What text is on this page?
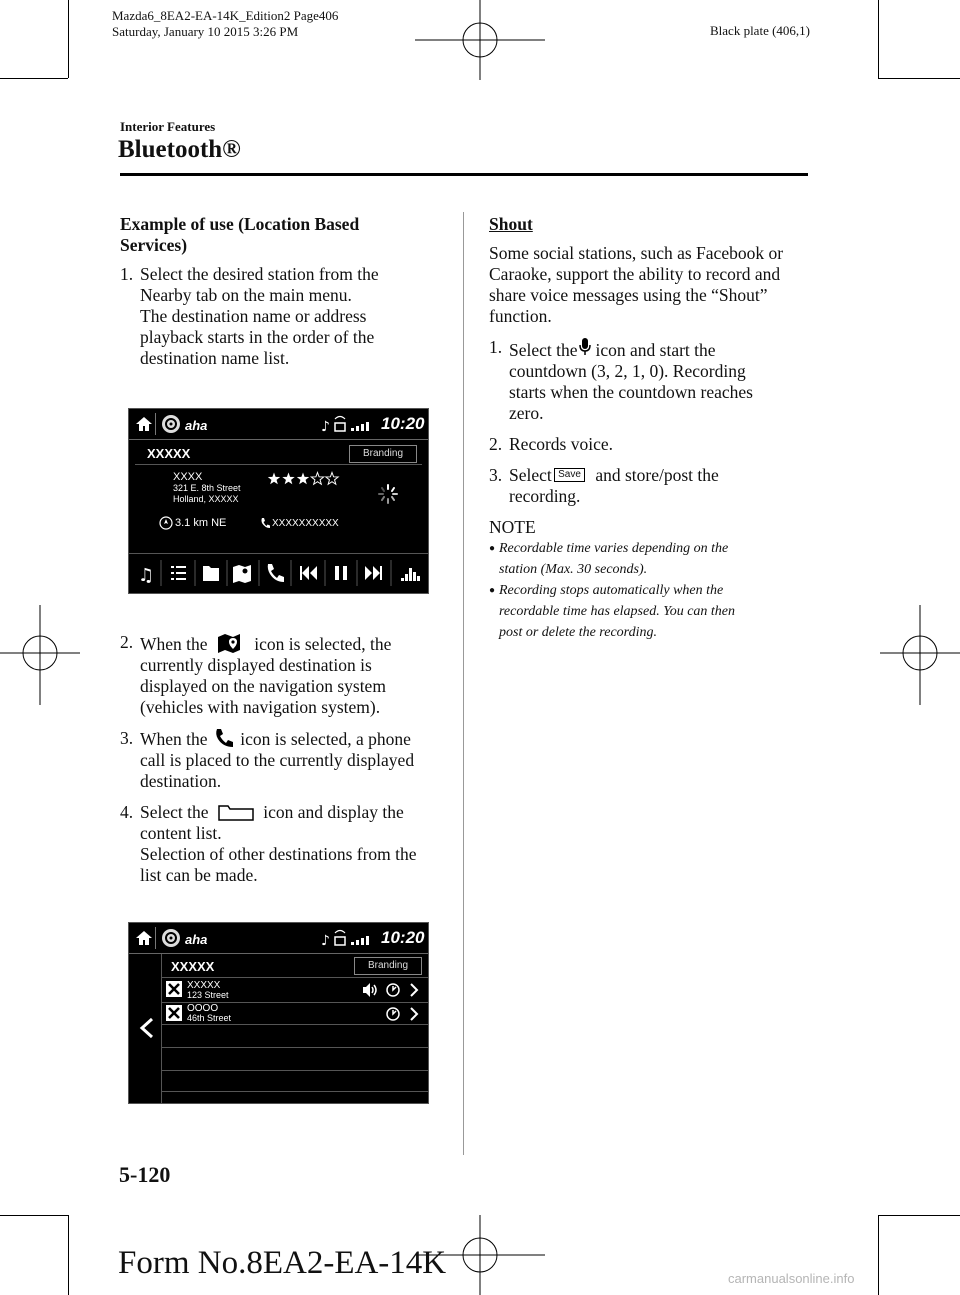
Mazda6_8EA2-EA-14K_Edition2 Page406
Saturday, January 10 2015 3:26 PM	Black plate (406,1)
Interior Features
Bluetooth®
Example of use (Location Based
Services)
1. Select the desired station from the
Nearby tab on the main menu.
The destination name or address
playback starts in the order of the
destination name list.
aha	♪	10:20
XXXXX	Branding
XXXX
321 E. 8th Street
Holland, XXXXX
3.1 km NE	XXXXXXXXXX
♫
2. When the	icon is selected, the
currently displayed destination is
displayed on the navigation system
(vehicles with navigation system).
3. When the icon is selected, a phone
call is placed to the currently displayed
destination.
4. Select the	icon and display the
content list.
Selection of other destinations from the
list can be made.
aha	♪	10:20
XXXXX	Branding
XXXXX
123 Street
OOOO
46th Street
Shout
Some social stations, such as Facebook or
Caraoke, support the ability to record and
share voice messages using the “Shout”
function.
1. Select the icon and start the
countdown (3, 2, 1, 0). Recording
starts when the countdown reaches
zero.
2. Records voice.
3. Select Save and store/post the
recording.
NOTE
● Recordable time varies depending on the
station (Max. 30 seconds).
● Recording stops automatically when the
recordable time has elapsed. You can then
post or delete the recording.
5-120
Form No.8EA2-EA-14K	carmanualsonline.info
